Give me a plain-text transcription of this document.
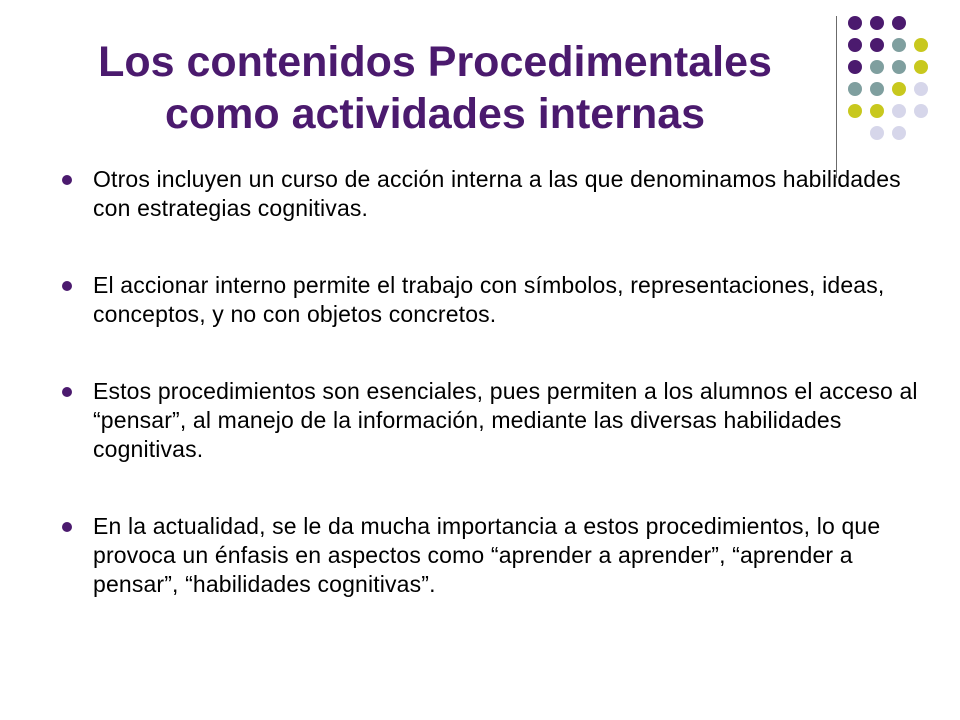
Los contenidos Procedimentales
como actividades internas
Otros incluyen un curso de acción interna a las que denominamos habilidades con estrategias cognitivas.
El accionar interno permite el trabajo con símbolos, representaciones, ideas, conceptos, y no con objetos concretos.
Estos procedimientos son esenciales, pues permiten a los alumnos el acceso al “pensar”, al manejo de la información, mediante las diversas habilidades cognitivas.
En la actualidad, se le da mucha importancia a estos procedimientos, lo que provoca un énfasis en aspectos como “aprender a aprender”, “aprender a pensar”, “habilidades cognitivas”.
